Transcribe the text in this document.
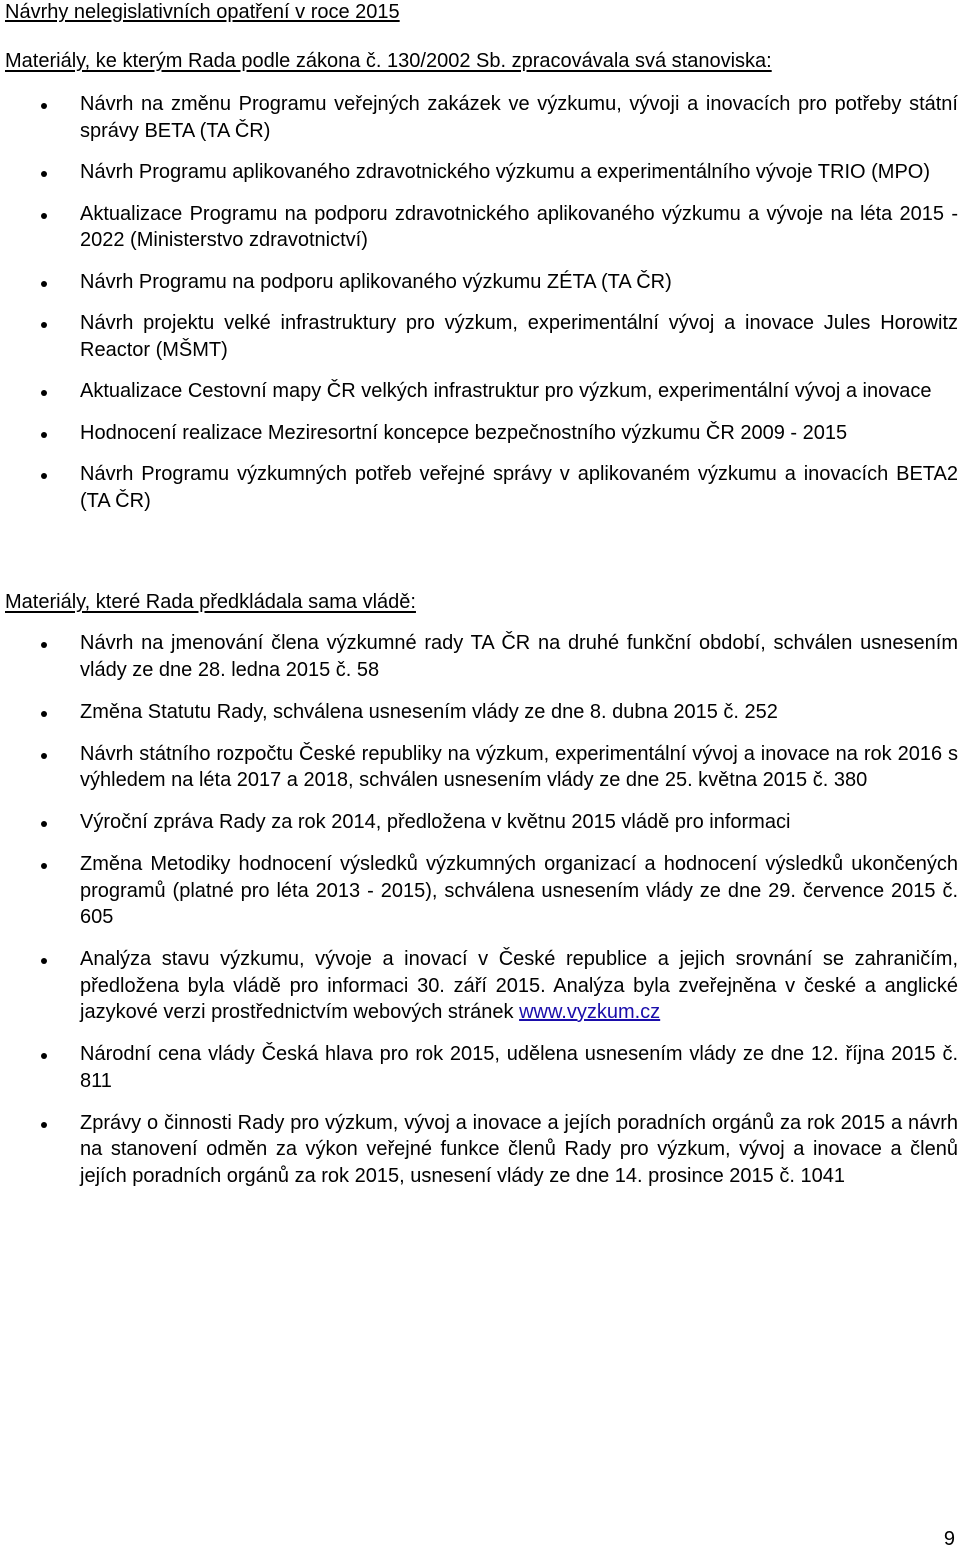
Návrhy nelegislativních opatření v roce 2015
Materiály, ke kterým Rada podle zákona č. 130/2002 Sb. zpracovávala svá stanoviska:
Návrh na změnu Programu veřejných zakázek ve výzkumu, vývoji a inovacích pro potřeby státní správy BETA (TA ČR)
Návrh Programu aplikovaného zdravotnického výzkumu a experimentálního vývoje TRIO (MPO)
Aktualizace Programu na podporu zdravotnického aplikovaného výzkumu a vývoje na léta 2015 - 2022 (Ministerstvo zdravotnictví)
Návrh Programu na podporu aplikovaného výzkumu ZÉTA (TA ČR)
Návrh projektu velké infrastruktury pro výzkum, experimentální vývoj a inovace Jules Horowitz Reactor (MŠMT)
Aktualizace Cestovní mapy ČR velkých infrastruktur pro výzkum, experimentální vývoj a inovace
Hodnocení realizace Meziresortní koncepce bezpečnostního výzkumu ČR 2009 - 2015
Návrh Programu výzkumných potřeb veřejné správy v aplikovaném výzkumu a inovacích BETA2 (TA ČR)
Materiály, které Rada předkládala sama vládě:
Návrh na jmenování člena výzkumné rady TA ČR na druhé funkční období, schválen usnesením vlády ze dne 28. ledna 2015 č. 58
Změna Statutu Rady, schválena usnesením vlády ze dne 8. dubna 2015 č. 252
Návrh státního rozpočtu České republiky na výzkum, experimentální vývoj a inovace na rok 2016 s výhledem na léta 2017 a 2018, schválen usnesením vlády ze dne 25. května 2015 č. 380
Výroční zpráva Rady za rok 2014, předložena v květnu 2015 vládě pro informaci
Změna Metodiky hodnocení výsledků výzkumných organizací a hodnocení výsledků ukončených programů (platné pro léta 2013 - 2015), schválena usnesením vlády ze dne 29. července 2015 č. 605
Analýza stavu výzkumu, vývoje a inovací v České republice a jejich srovnání se zahraničím, předložena byla vládě pro informaci 30. září 2015. Analýza byla zveřejněna v české a anglické jazykové verzi prostřednictvím webových stránek www.vyzkum.cz
Národní cena vlády Česká hlava pro rok 2015, udělena usnesením vlády ze dne 12. října 2015 č. 811
Zprávy o činnosti Rady pro výzkum, vývoj a inovace a jejích poradních orgánů za rok 2015 a návrh na stanovení odměn za výkon veřejné funkce členů Rady pro výzkum, vývoj a inovace a členů jejích poradních orgánů za rok 2015, usnesení vlády ze dne 14. prosince 2015 č. 1041
9
